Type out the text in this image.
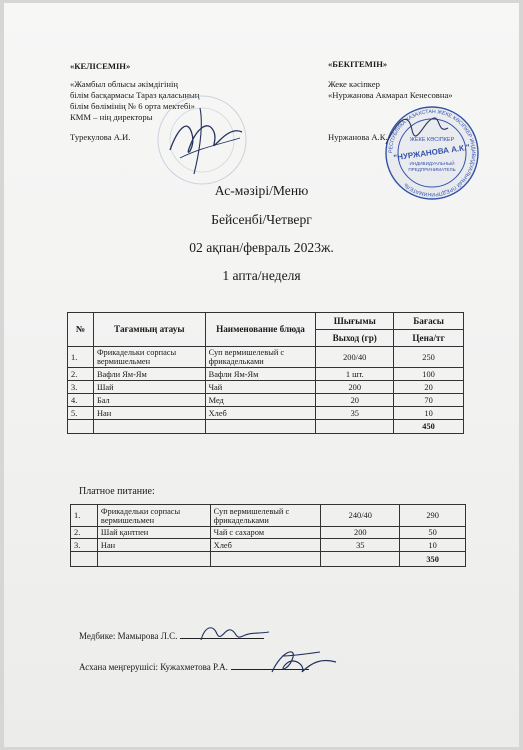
«КЕЛІСЕМІН»
«Жамбыл облысы әкімдігінің
білім басқармасы Тараз қаласының
білім бөлімінің № 6 орта мектебі»
КММ – нің директоры
Турекулова А.И.
«БЕКІТЕМІН»
Жеке кәсіпкер
«Нуржанова Акмарал Кенесовна»
Нуржанова А.К.
РЕСПУБЛИКА КАЗАХСТАН ЖЕКЕ КӘСІПКЕР ИНДИВИДУАЛЬНЫЙ ПРЕДПРИНИМАТЕЛЬ
ЖЕКЕ КӘСІПКЕР
"НУРЖАНОВА А.К."
ИНДИВИДУАЛЬНЫЙ
ПРЕДПРИНИМАТЕЛЬ
Ас-мәзірі/Меню
Бейсенбі/Четверг
02 ақпан/февраль 2023ж.
1 апта/неделя
№	Тағамның атауы	Наименование блюда	Шығымы	Бағасы
			Выход (гр)	Цена/тг
1.	Фрикадельки сорпасы вермишельмен	Суп вермишелевый с фрикадельками	200/40	250
2.	Вафли Ям-Ям	Вафли Ям-Ям	1 шт.	100
3.	Шай	Чай	200	20
4.	Бал	Мед	20	70
5.	Нан	Хлеб	35	10
				450
Платное питание:
1.	Фрикадельки сорпасы вермишельмен	Суп вермишелевый с фрикадельками	240/40	290
2.	Шай қантпен	Чай с сахаром	200	50
3.	Нан	Хлеб	35	10
				350
Медбике: Мамырова Л.С.
Асхана меңгерушісі: Кужахметова Р.А.
